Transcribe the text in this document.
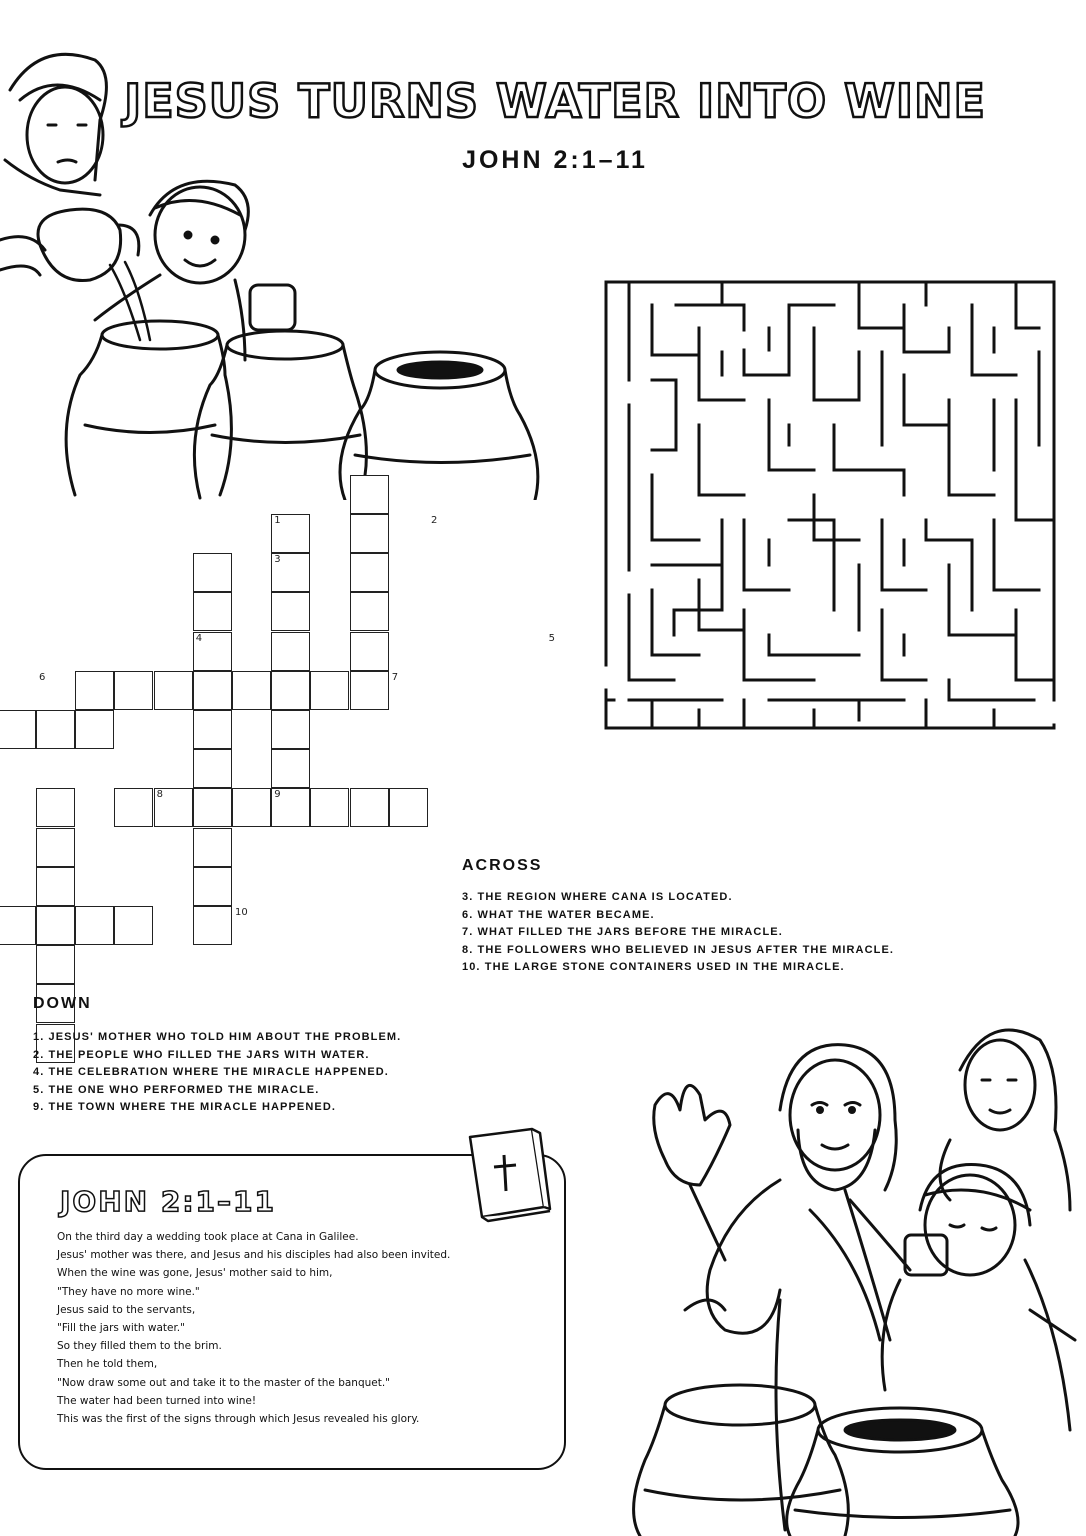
JESUS TURNS WATER INTO WINE
JOHN 2:1–11
1	2
3
4	5
6	7
8	9
10
ACROSS
3. THE REGION WHERE CANA IS LOCATED.
6. WHAT THE WATER BECAME.
7. WHAT FILLED THE JARS BEFORE THE MIRACLE.
8. THE FOLLOWERS WHO BELIEVED IN JESUS AFTER THE MIRACLE.
10. THE LARGE STONE CONTAINERS USED IN THE MIRACLE.
DOWN
1. JESUS' MOTHER WHO TOLD HIM ABOUT THE PROBLEM.
2. THE PEOPLE WHO FILLED THE JARS WITH WATER.
4. THE CELEBRATION WHERE THE MIRACLE HAPPENED.
5. THE ONE WHO PERFORMED THE MIRACLE.
9. THE TOWN WHERE THE MIRACLE HAPPENED.
JOHN 2:1–11
On the third day a wedding took place at Cana in Galilee.
Jesus' mother was there, and Jesus and his disciples had also been invited.
When the wine was gone, Jesus' mother said to him,
"They have no more wine."
Jesus said to the servants,
"Fill the jars with water."
So they filled them to the brim.
Then he told them,
"Now draw some out and take it to the master of the banquet."
The water had been turned into wine!
This was the first of the signs through which Jesus revealed his glory.
